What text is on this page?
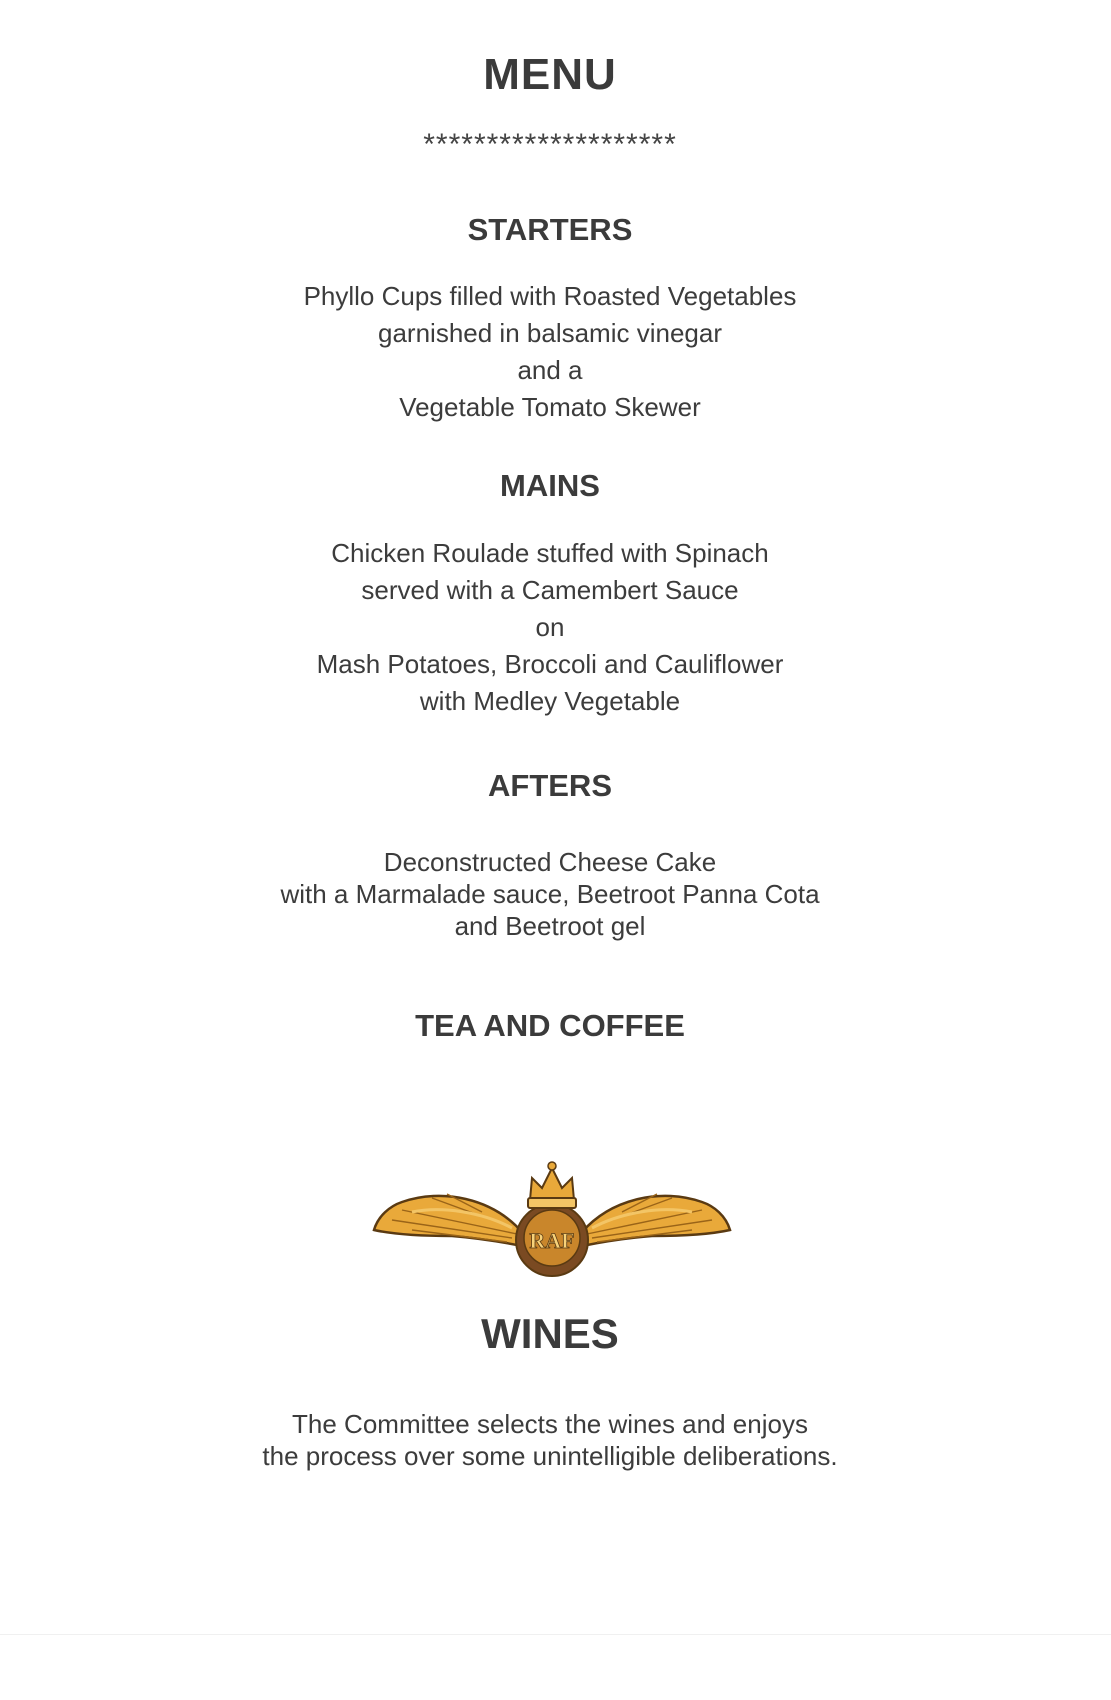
MENU
********************
STARTERS
Phyllo Cups filled with Roasted Vegetables
garnished in balsamic vinegar
and a
Vegetable Tomato Skewer
MAINS
Chicken Roulade stuffed with Spinach
served with a Camembert Sauce
on
Mash Potatoes, Broccoli and Cauliflower
with Medley Vegetable
AFTERS
Deconstructed Cheese Cake
with a Marmalade sauce, Beetroot Panna Cota
and Beetroot gel
TEA AND COFFEE
RAF
WINES
The Committee selects the wines and enjoys
the process over some unintelligible deliberations.
